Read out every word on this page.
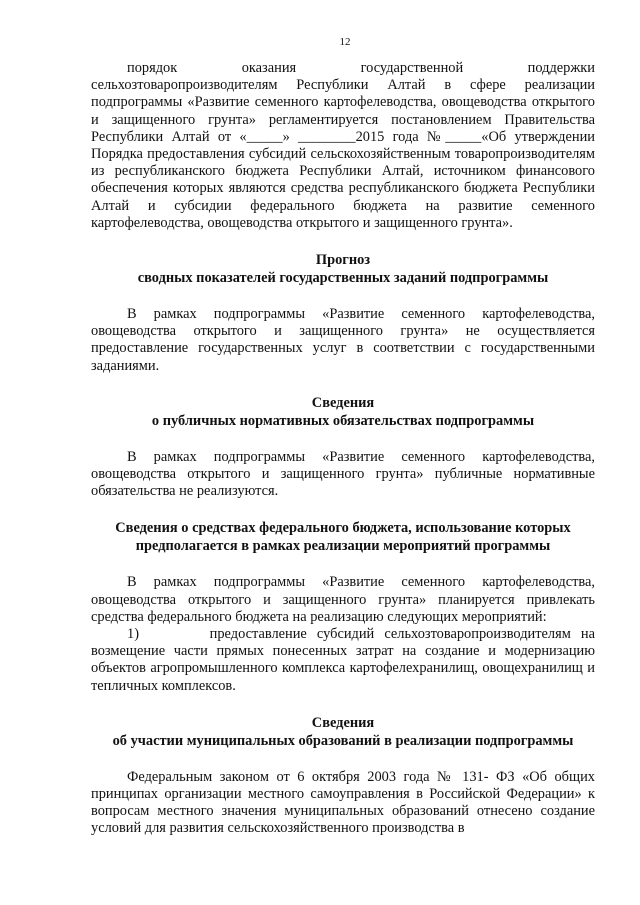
12

порядок оказания государственной поддержки сельхозтоваропроизводителям Республики Алтай в сфере реализации подпрограммы «Развитие семенного картофелеводства, овощеводства открытого и защищенного грунта» регламентируется постановлением Правительства Республики Алтай от «_____» ________2015 года №_____«Об утверждении Порядка предоставления субсидий сельскохозяйственным товаропроизводителям из республиканского бюджета Республики Алтай, источником финансового обеспечения которых являются средства республиканского бюджета Республики Алтай и субсидии федерального бюджета на развитие семенного картофелеводства, овощеводства открытого и защищенного грунта».

Прогноз
сводных показателей государственных заданий подпрограммы

В рамках подпрограммы «Развитие семенного картофелеводства, овощеводства открытого и защищенного грунта» не осуществляется предоставление государственных услуг в соответствии с государственными заданиями.

Сведения
о публичных нормативных обязательствах подпрограммы

В рамках подпрограммы «Развитие семенного картофелеводства, овощеводства открытого и защищенного грунта» публичные нормативные обязательства не реализуются.

Сведения о средствах федерального бюджета, использование которых
предполагается в рамках реализации мероприятий программы

В рамках подпрограммы «Развитие семенного картофелеводства, овощеводства открытого и защищенного грунта» планируется привлекать средства федерального бюджета на реализацию следующих мероприятий:

1)       предоставление субсидий сельхозтоваропроизводителям на возмещение части прямых понесенных затрат на создание и модернизацию объектов агропромышленного комплекса картофелехранилищ, овощехранилищ и тепличных комплексов.

Сведения
об участии муниципальных образований в реализации подпрограммы

Федеральным законом от 6 октября 2003 года № 131- ФЗ «Об общих принципах организации местного самоуправления в Российской Федерации» к вопросам местного значения муниципальных образований отнесено создание условий для развития сельскохозяйственного производства в
